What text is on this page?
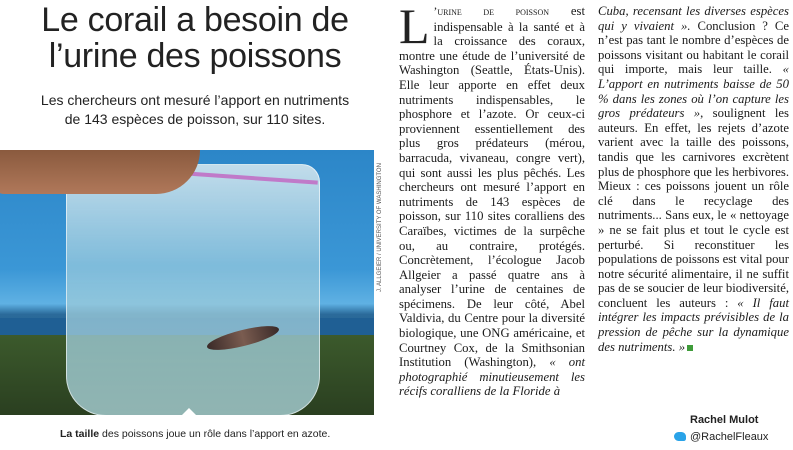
Le corail a besoin de
l’urine des poissons
Les chercheurs ont mesuré l’apport en nutriments
de 143 espèces de poisson, sur 110 sites.
J. ALLGEIER / UNIVERSITY OF WASHINGTON
La taille des poissons joue un rôle dans l’apport en azote.

L ’urine de poisson est indispensable à la santé et à la croissance des coraux, montre une étude de l’université de Washington (Seattle, États-Unis). Elle leur apporte en effet deux nutriments indispensables, le phosphore et l’azote. Or ceux-ci proviennent essentiellement des plus gros prédateurs (mérou, barracuda, vivaneau, congre vert), qui sont aussi les plus pêchés. Les chercheurs ont mesuré l’apport en nutriments de 143 espèces de poisson, sur 110 sites coralliens des Caraïbes, victimes de la surpêche ou, au contraire, protégés. Concrètement, l’écologue Jacob Allgeier a passé quatre ans à analyser l’urine de centaines de spécimens. De leur côté, Abel Valdivia, du Centre pour la diversité biologique, une ONG américaine, et Courtney Cox, de la Smithsonian Institution (Washington), « ont photographié minutieusement les récifs coralliens de la Floride à

Cuba, recensant les diverses espèces qui y vivaient ». Conclusion ? Ce n’est pas tant le nombre d’espèces de poissons visitant ou habitant le corail qui importe, mais leur taille. « L’apport en nutriments baisse de 50 % dans les zones où l’on capture les gros prédateurs », soulignent les auteurs. En effet, les rejets d’azote varient avec la taille des poissons, tandis que les carnivores excrètent plus de phosphore que les herbivores. Mieux : ces poissons jouent un rôle clé dans le recyclage des nutriments... Sans eux, le « nettoyage » ne se fait plus et tout le cycle est perturbé. Si reconstituer les populations de poissons est vital pour notre sécurité alimentaire, il ne suffit pas de se soucier de leur biodiversité, concluent les auteurs : « Il faut intégrer les impacts prévisibles de la pression de pêche sur la dynamique des nutriments. »

Rachel Mulot
@RachelFleaux
